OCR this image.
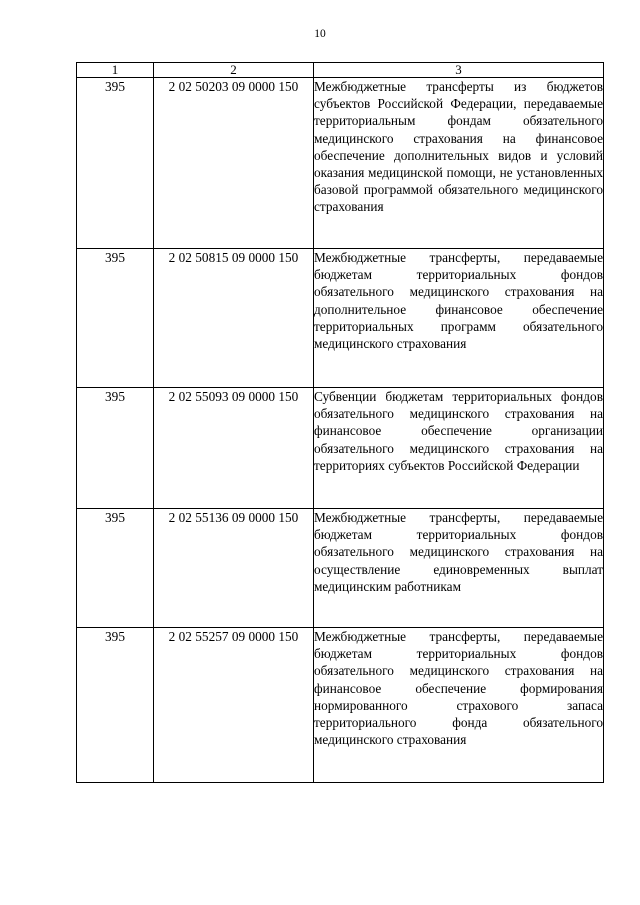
10
1	2	3
395	2 02 50203 09 0000 150	Межбюджетные трансферты из бюджетов субъектов Российской Федерации, передаваемые территориальным фондам обязательного медицинского страхования на финансовое обеспечение дополнительных видов и условий оказания медицинской помощи, не установленных базовой программой обязательного медицинского страхования
395	2 02 50815 09 0000 150	Межбюджетные трансферты, передаваемые бюджетам территориальных фондов обязательного медицинского страхования на дополнительное финансовое обеспечение территориальных программ обязательного медицинского страхования
395	2 02 55093 09 0000 150	Субвенции бюджетам территориальных фондов обязательного медицинского страхования на финансовое обеспечение организации обязательного медицинского страхования на территориях субъектов Российской Федерации
395	2 02 55136 09 0000 150	Межбюджетные трансферты, передаваемые бюджетам территориальных фондов обязательного медицинского страхования на осуществление единовременных выплат медицинским работникам
395	2 02 55257 09 0000 150	Межбюджетные трансферты, передаваемые бюджетам территориальных фондов обязательного медицинского страхования на финансовое обеспечение формирования нормированного страхового запаса территориального фонда обязательного медицинского страхования
